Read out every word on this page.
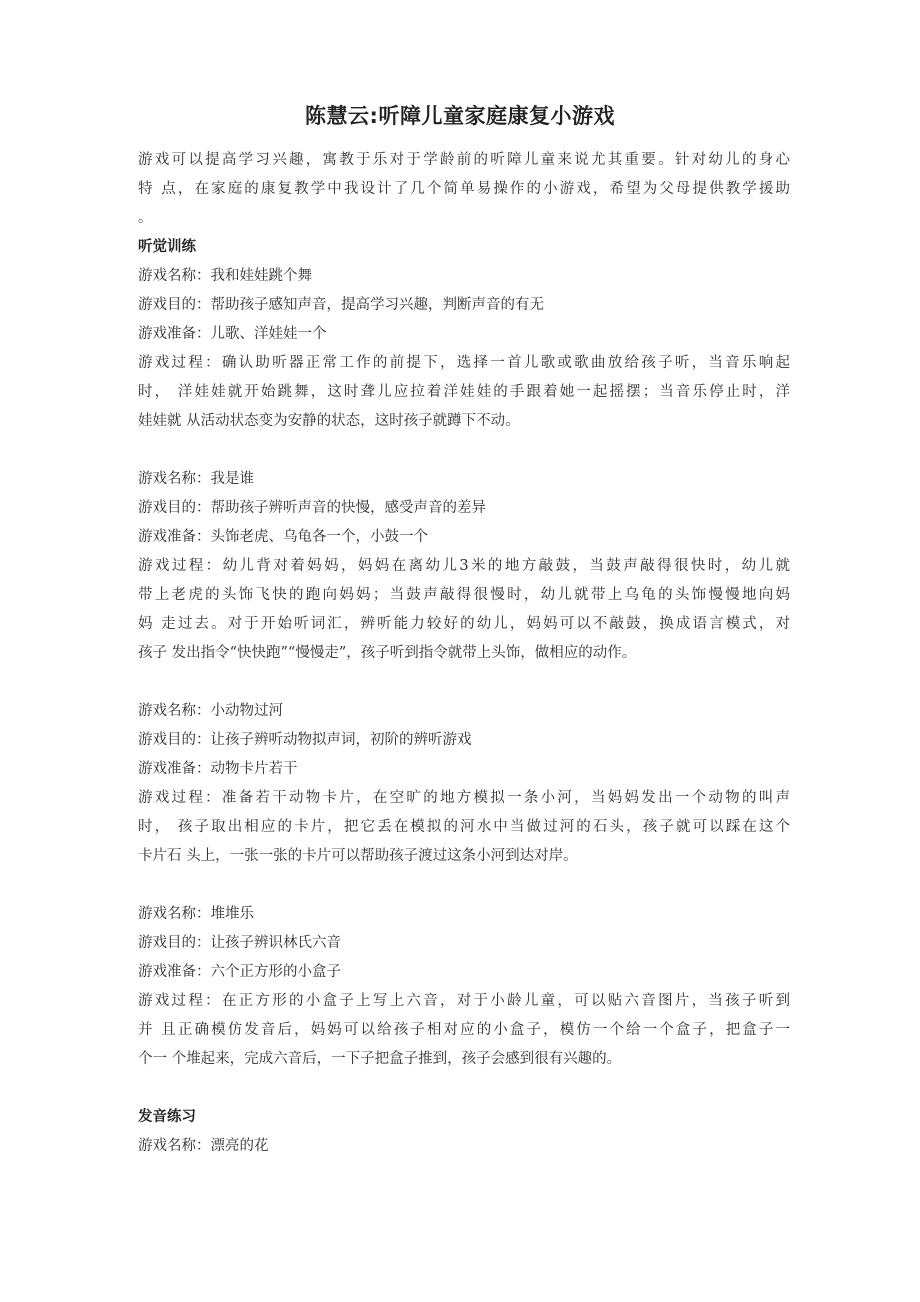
陈慧云:听障儿童家庭康复小游戏
游戏可以提高学习兴趣，寓教于乐对于学龄前的听障儿童来说尤其重要。针对幼儿的身心
特 点，在家庭的康复教学中我设计了几个简单易操作的小游戏，希望为父母提供教学援助
。
听觉训练
游戏名称：我和娃娃跳个舞
游戏目的：帮助孩子感知声音，提高学习兴趣，判断声音的有无
游戏准备：儿歌、洋娃娃一个
游戏过程：确认助听器正常工作的前提下，选择一首儿歌或歌曲放给孩子听，当音乐响起
时， 洋娃娃就开始跳舞，这时聋儿应拉着洋娃娃的手跟着她一起摇摆；当音乐停止时，洋
娃娃就 从活动状态变为安静的状态，这时孩子就蹲下不动。
游戏名称：我是谁
游戏目的：帮助孩子辨听声音的快慢，感受声音的差异
游戏准备：头饰老虎、乌龟各一个，小鼓一个
游戏过程：幼儿背对着妈妈，妈妈在离幼儿3米的地方敲鼓，当鼓声敲得很快时，幼儿就
带上老虎的头饰飞快的跑向妈妈；当鼓声敲得很慢时，幼儿就带上乌龟的头饰慢慢地向妈
妈 走过去。对于开始听词汇，辨听能力较好的幼儿，妈妈可以不敲鼓，换成语言模式，对
孩子 发出指令“快快跑”“慢慢走”，孩子听到指令就带上头饰，做相应的动作。
游戏名称：小动物过河
游戏目的：让孩子辨听动物拟声词，初阶的辨听游戏
游戏准备：动物卡片若干
游戏过程：准备若干动物卡片，在空旷的地方模拟一条小河，当妈妈发出一个动物的叫声
时， 孩子取出相应的卡片，把它丢在模拟的河水中当做过河的石头，孩子就可以踩在这个
卡片石 头上，一张一张的卡片可以帮助孩子渡过这条小河到达对岸。
游戏名称：堆堆乐
游戏目的：让孩子辨识林氏六音
游戏准备：六个正方形的小盒子
游戏过程：在正方形的小盒子上写上六音，对于小龄儿童，可以贴六音图片，当孩子听到
并 且正确模仿发音后，妈妈可以给孩子相对应的小盒子，模仿一个给一个盒子，把盒子一
个一 个堆起来，完成六音后，一下子把盒子推到，孩子会感到很有兴趣的。
发音练习
游戏名称：漂亮的花
